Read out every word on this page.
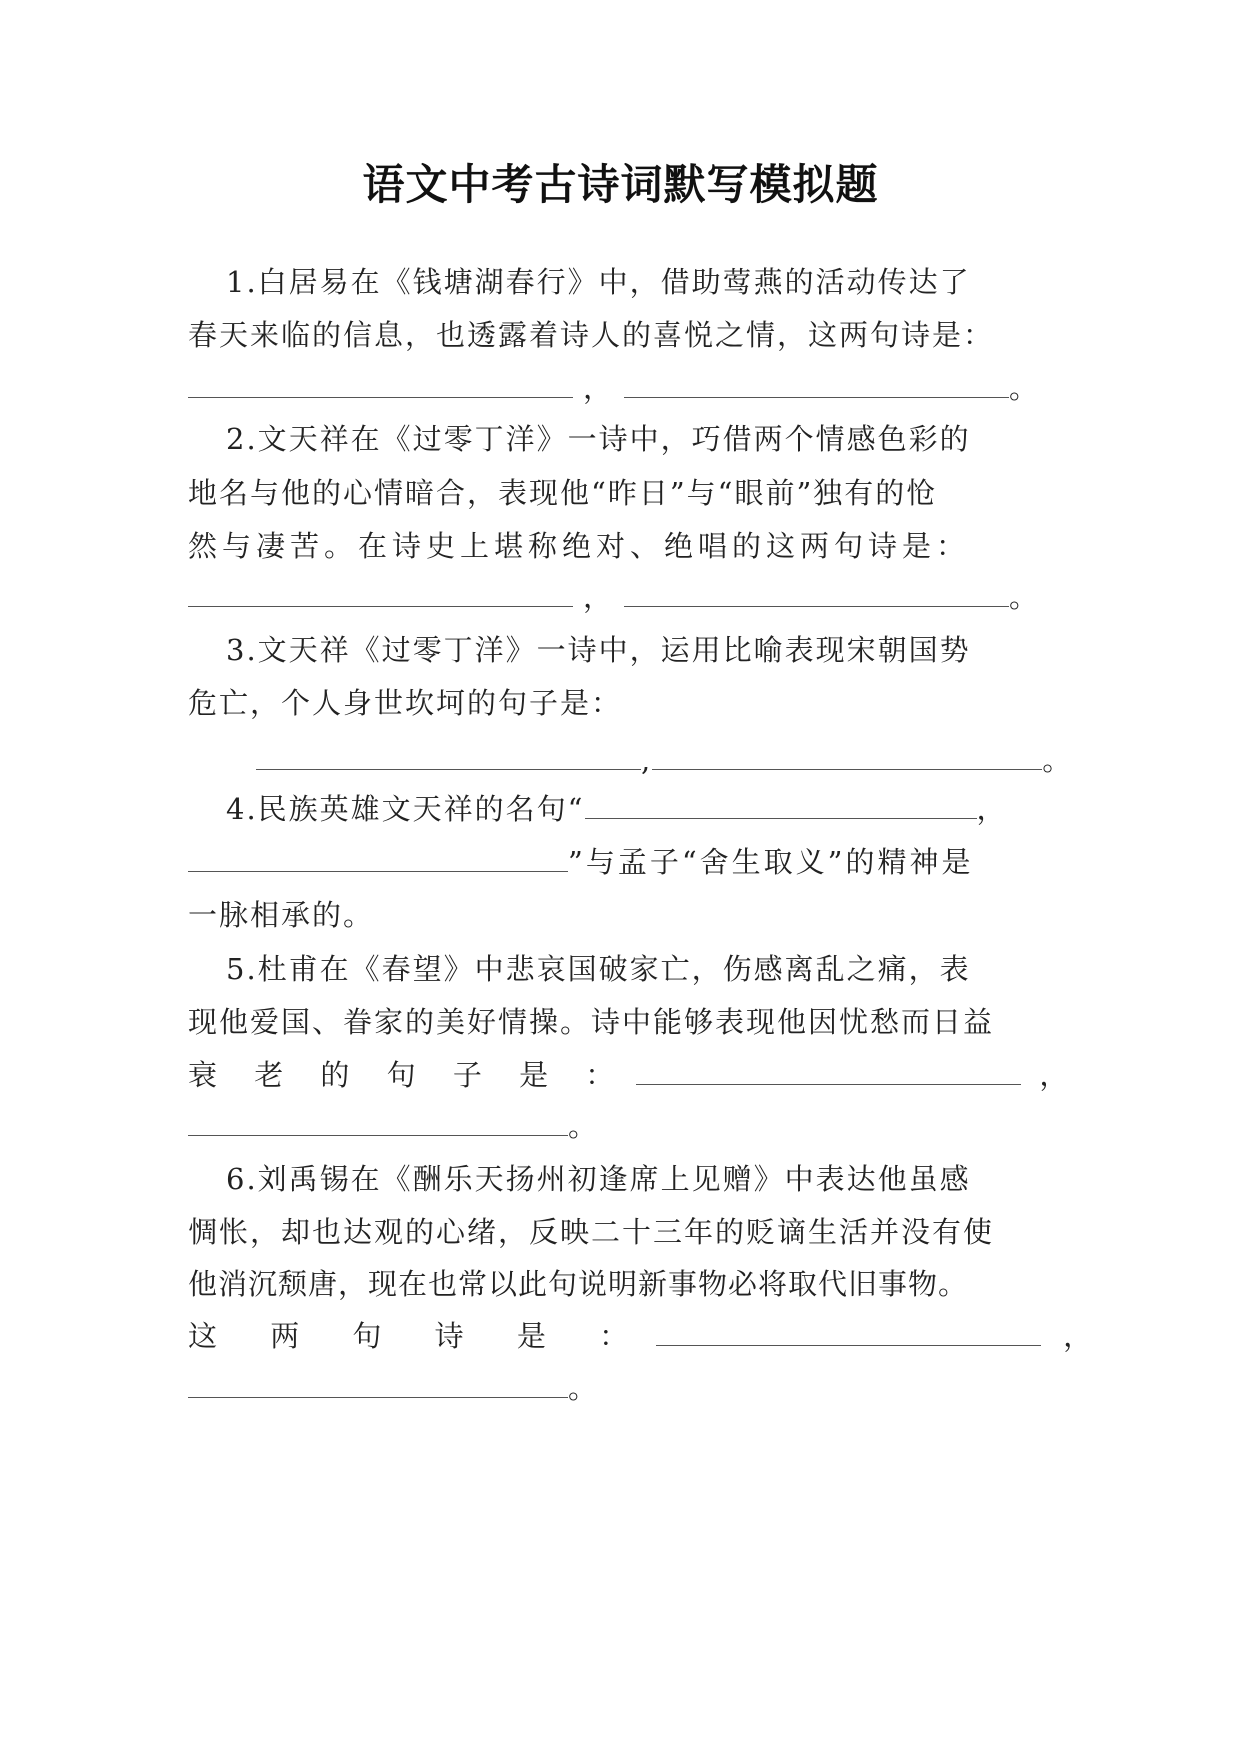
语文中考古诗词默写模拟题
1.白居易在《钱塘湖春行》中，借助莺燕的活动传达了
春天来临的信息，也透露着诗人的喜悦之情，这两句诗是：
，	。
2.文天祥在《过零丁洋》一诗中，巧借两个情感色彩的
地名与他的心情暗合，表现他“昨日”与“眼前”独有的怆
然与凄苦。在诗史上堪称绝对、绝唱的这两句诗是：
，	。
3.文天祥《过零丁洋》一诗中，运用比喻表现宋朝国势
危亡，个人身世坎坷的句子是：
,	。
4.民族英雄文天祥的名句“	，
”与孟子“舍生取义”的精神是
一脉相承的。
5.杜甫在《春望》中悲哀国破家亡，伤感离乱之痛，表
现他爱国、眷家的美好情操。诗中能够表现他因忧愁而日益
衰 老 的 句 子 是 ：	，
。
6.刘禹锡在《酬乐天扬州初逢席上见赠》中表达他虽感
惆怅，却也达观的心绪，反映二十三年的贬谪生活并没有使
他消沉颓唐，现在也常以此句说明新事物必将取代旧事物。
这 两 句 诗 是 ：	，
。
